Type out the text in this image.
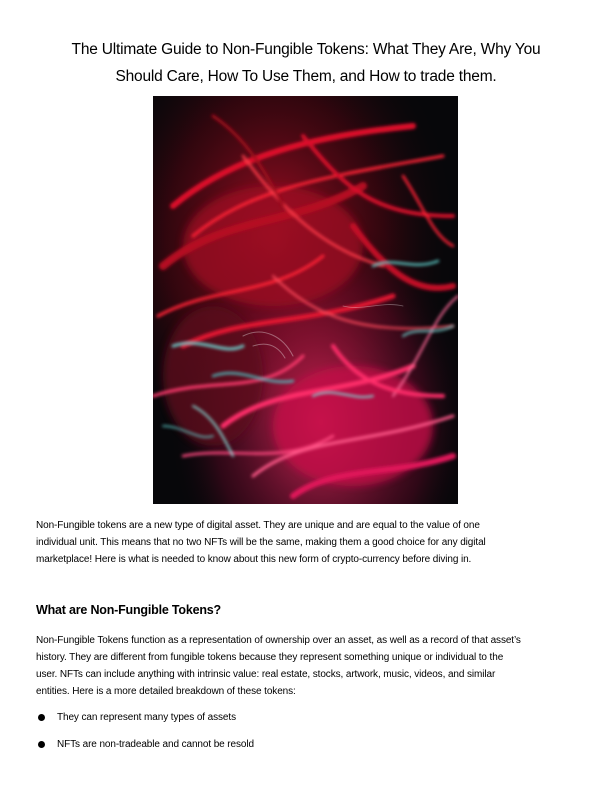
The Ultimate Guide to Non-Fungible Tokens: What They Are, Why You
Should Care, How To Use Them, and How to trade them.

Non-Fungible tokens are a new type of digital asset. They are unique and are equal to the value of one
individual unit. This means that no two NFTs will be the same, making them a good choice for any digital
marketplace! Here is what is needed to know about this new form of crypto-currency before diving in.

What are Non-Fungible Tokens?

Non-Fungible Tokens function as a representation of ownership over an asset, as well as a record of that asset’s
history. They are different from fungible tokens because they represent something unique or individual to the
user. NFTs can include anything with intrinsic value: real estate, stocks, artwork, music, videos, and similar
entities. Here is a more detailed breakdown of these tokens:

They can represent many types of assets
NFTs are non-tradeable and cannot be resold
